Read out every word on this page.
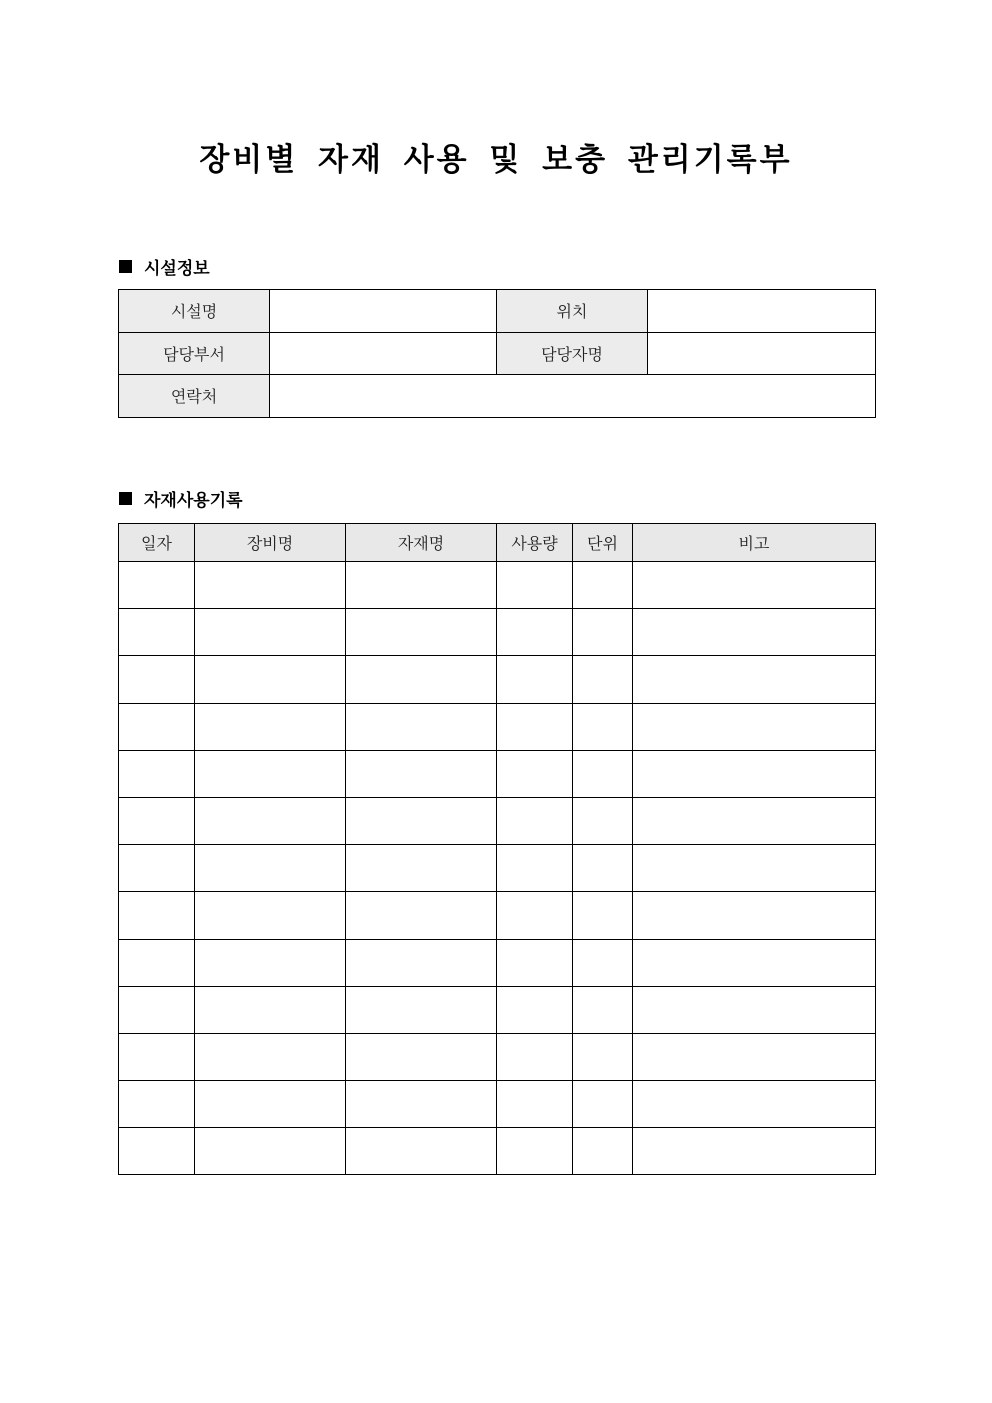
장비별 자재 사용 및 보충 관리기록부
시설정보
시설명		위치	
담당부서		담당자명	
연락처			
자재사용기록
일자	장비명	자재명	사용량	단위	비고
